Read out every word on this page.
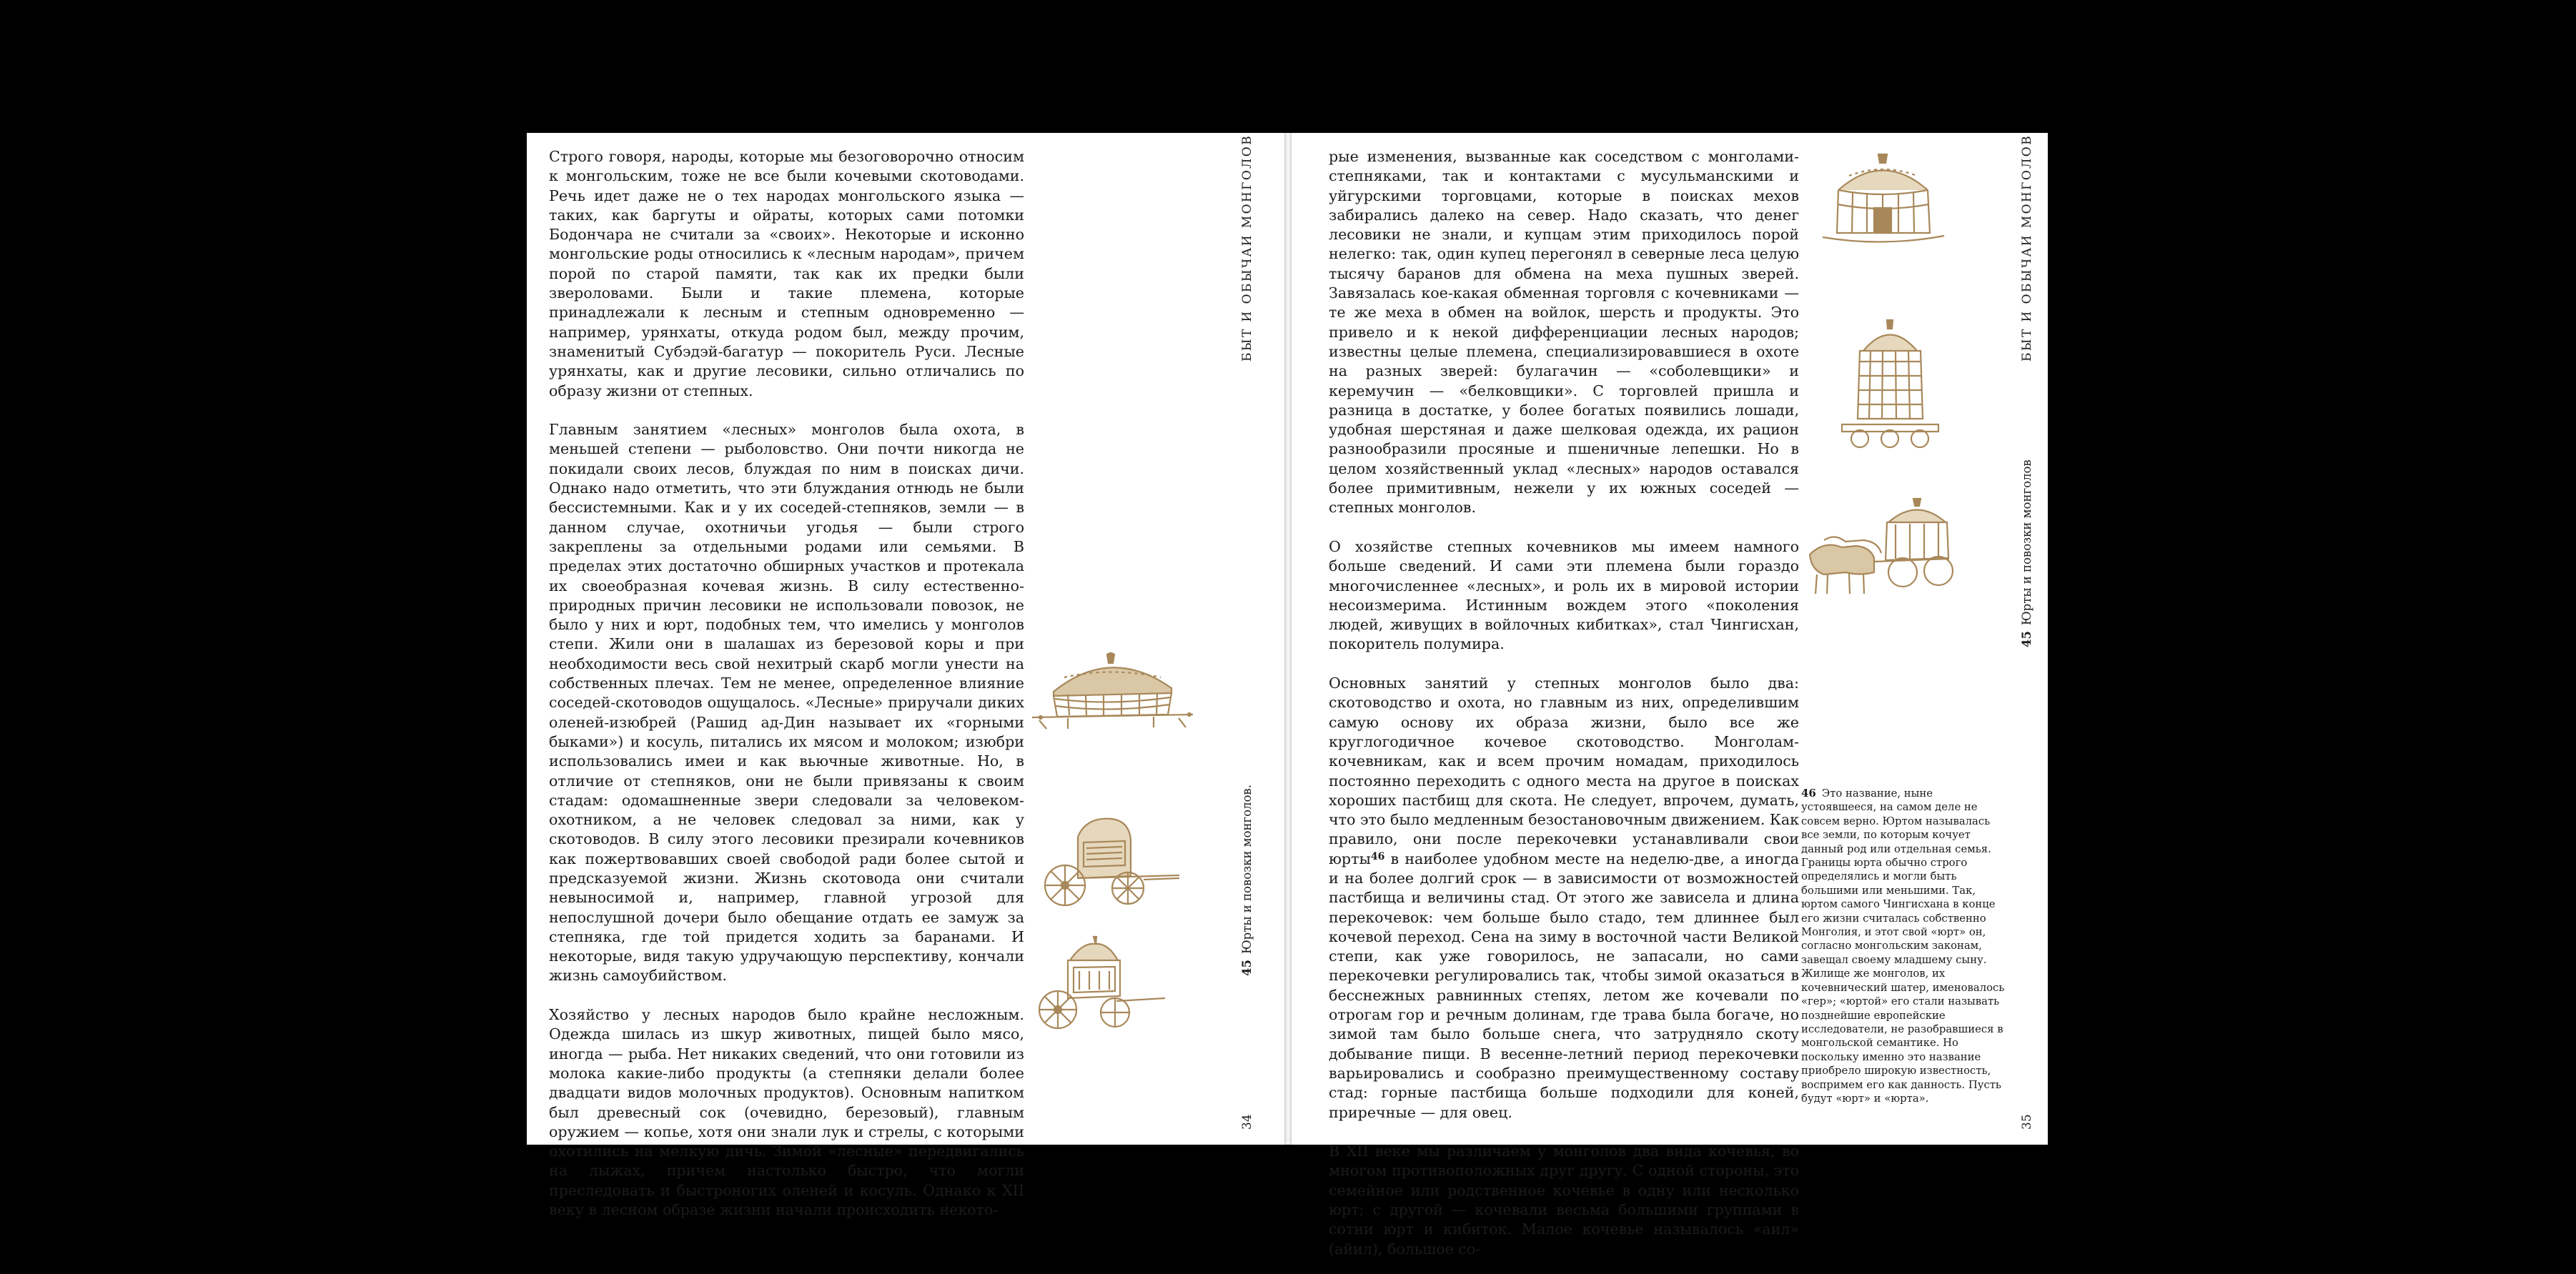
Строго говоря, народы, которые мы безоговорочно относим к монгольским, тоже не все были кочевыми скотоводами. Речь идет даже не о тех народах монгольского языка — таких, как баргуты и ойраты, которых сами потомки Бодончара не считали за «своих». Некоторые и исконно монгольские роды относились к «лесным народам», причем порой по старой памяти, так как их предки были звероловами. Были и такие племена, которые принадлежали к лесным и степным одновременно — например, урянхаты, откуда родом был, между прочим, знаменитый Субэдэй-багатур — покоритель Руси. Лесные урянхаты, как и другие лесовики, сильно отличались по образу жизни от степных.

Главным занятием «лесных» монголов была охота, в меньшей степени — рыболовство. Они почти никогда не покидали своих лесов, блуждая по ним в поисках дичи. Однако надо отметить, что эти блуждания отнюдь не были бессистемными. Как и у их соседей-степняков, земли — в данном случае, охотничьи угодья — были строго закреплены за отдельными родами или семьями. В пределах этих достаточно обширных участков и протекала их своеобразная кочевая жизнь. В силу естественно-природных причин лесовики не использовали повозок, не было у них и юрт, подобных тем, что имелись у монголов степи. Жили они в шалашах из березовой коры и при необходимости весь свой нехитрый скарб могли унести на собственных плечах. Тем не менее, определенное влияние соседей-скотоводов ощущалось. «Лесные» приручали диких оленей-изюбрей (Рашид ад-Дин называет их «горными быками») и косуль, питались их мясом и молоком; изюбри использовались имеи и как вьючные животные. Но, в отличие от степняков, они не были привязаны к своим стадам: одомашненные звери следовали за человеком-охотником, а не человек следовал за ними, как у скотоводов. В силу этого лесовики презирали кочевников как пожертвовавших своей свободой ради более сытой и предсказуемой жизни. Жизнь скотовода они считали невыносимой и, например, главной угрозой для непослушной дочери было обещание отдать ее замуж за степняка, где той придется ходить за баранами. И некоторые, видя такую удручающую перспективу, кончали жизнь самоубийством.

Хозяйство у лесных народов было крайне несложным. Одежда шилась из шкур животных, пищей было мясо, иногда — рыба. Нет никаких сведений, что они готовили из молока какие-либо продукты (а степняки делали более двадцати видов молочных продуктов). Основным напитком был древесный сок (очевидно, березовый), главным оружием — копье, хотя они знали лук и стрелы, с которыми охотились на мелкую дичь. Зимой «лесные» передвигались на лыжах, причем настолько быстро, что могли преследовать и быстроногих оленей и косуль. Однако к XII веку в лесном образе жизни начали происходить некото-

БЫТ И ОБЫЧАИ МОНГОЛОВ
45Юрты и повозки монголов.
34

рые изменения, вызванные как соседством с монголами-степняками, так и контактами с мусульманскими и уйгурскими торговцами, которые в поисках мехов забирались далеко на север. Надо сказать, что денег лесовики не знали, и купцам этим приходилось порой нелегко: так, один купец перегонял в северные леса целую тысячу баранов для обмена на меха пушных зверей. Завязалась кое-какая обменная торговля с кочевниками — те же меха в обмен на войлок, шерсть и продукты. Это привело и к некой дифференциации лесных народов; известны целые племена, специализировавшиеся в охоте на разных зверей: булагачин — «соболевщики» и керемучин — «белковщики». С торговлей пришла и разница в достатке, у более богатых появились лошади, удобная шерстяная и даже шелковая одежда, их рацион разнообразили просяные и пшеничные лепешки. Но в целом хозяйственный уклад «лесных» народов оставался более примитивным, нежели у их южных соседей — степных монголов.

О хозяйстве степных кочевников мы имеем намного больше сведений. И сами эти племена были гораздо многочисленнее «лесных», и роль их в мировой истории несоизмерима. Истинным вождем этого «поколения людей, живущих в войлочных кибитках», стал Чингисхан, покоритель полумира.

Основных занятий у степных монголов было два: скотоводство и охота, но главным из них, определившим самую основу их образа жизни, было все же круглогодичное кочевое скотоводство. Монголам-кочевникам, как и всем прочим номадам, приходилось постоянно переходить с одного места на другое в поисках хороших пастбищ для скота. Не следует, впрочем, думать, что это было медленным безостановочным движением. Как правило, они после перекочевки устанавливали свои юрты$^{46}$ в наиболее удобном месте на неделю-две, а иногда и на более долгий срок — в зависимости от возможностей пастбища и величины стад. От этого же зависела и длина перекочевок: чем больше было стадо, тем длиннее был кочевой переход. Сена на зиму в восточной части Великой степи, как уже говорилось, не запасали, но сами перекочевки регулировались так, чтобы зимой оказаться в бесснежных равнинных степях, летом же кочевали по отрогам гор и речным долинам, где трава была богаче, но зимой там было больше снега, что затрудняло скоту добывание пищи. В весенне-летний период перекочевки варьировались и сообразно преимущественному составу стад: горные пастбища больше подходили для коней, приречные — для овец.

В XII веке мы различаем у монголов два вида кочевья, во многом противоположных друг другу. С одной стороны, это семейное или родственное кочевье в одну или несколько юрт; с другой — кочевали весьма большими группами в сотни юрт и кибиток. Малое кочевье называлось «аил» (айил), большое со-

БЫТ И ОБЫЧАИ МОНГОЛОВ
45Юрты и повозки монголов
35
46 Это название, ныне устоявшееся, на самом деле не совсем верно. Юртом называлась все земли, по которым кочует данный род или отдельная семья. Границы юрта обычно строго определялись и могли быть большими или меньшими. Так, юртом самого Чингисхана в конце его жизни считалась собственно Монголия, и этот свой «юрт» он, согласно монгольским законам, завещал своему младшему сыну. Жилище же монголов, их кочевнический шатер, именовалось «гер»; «юртой» его стали называть позднейшие европейские исследователи, не разобравшиеся в монгольской семантике. Но поскольку именно это название приобрело широкую известность, воспримем его как данность. Пусть будут «юрт» и «юрта».
